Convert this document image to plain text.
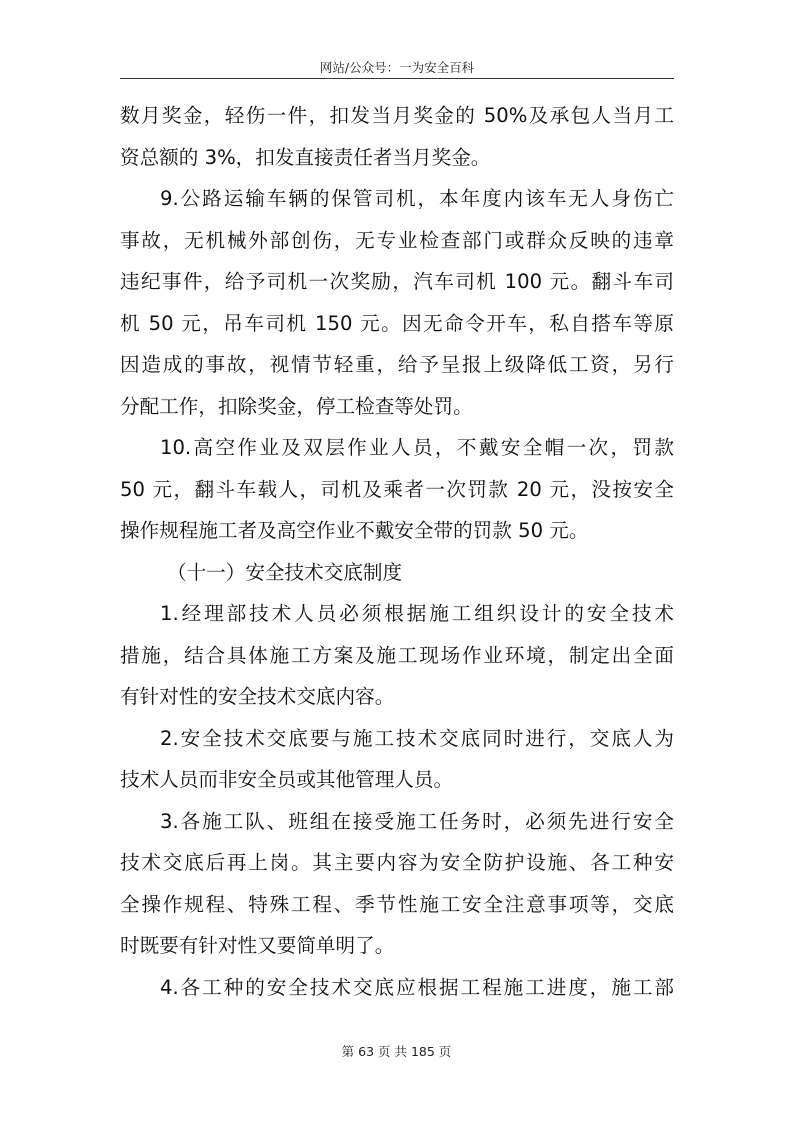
网站/公众号：一为安全百科
数月奖金，轻伤一件，扣发当月奖金的 50%及承包人当月工
资总额的 3%，扣发直接责任者当月奖金。
9.公路运输车辆的保管司机，本年度内该车无人身伤亡
事故，无机械外部创伤，无专业检查部门或群众反映的违章
违纪事件，给予司机一次奖励，汽车司机 100 元。翻斗车司
机 50 元，吊车司机 150 元。因无命令开车，私自搭车等原
因造成的事故，视情节轻重，给予呈报上级降低工资，另行
分配工作，扣除奖金，停工检查等处罚。
10.高空作业及双层作业人员，不戴安全帽一次，罚款
50 元，翻斗车载人，司机及乘者一次罚款 20 元，没按安全
操作规程施工者及高空作业不戴安全带的罚款 50 元。
（十一）安全技术交底制度
1.经理部技术人员必须根据施工组织设计的安全技术
措施，结合具体施工方案及施工现场作业环境，制定出全面
有针对性的安全技术交底内容。
2.安全技术交底要与施工技术交底同时进行，交底人为
技术人员而非安全员或其他管理人员。
3.各施工队、班组在接受施工任务时，必须先进行安全
技术交底后再上岗。其主要内容为安全防护设施、各工种安
全操作规程、特殊工程、季节性施工安全注意事项等，交底
时既要有针对性又要简单明了。
4.各工种的安全技术交底应根据工程施工进度，施工部
第 63 页 共 185 页
